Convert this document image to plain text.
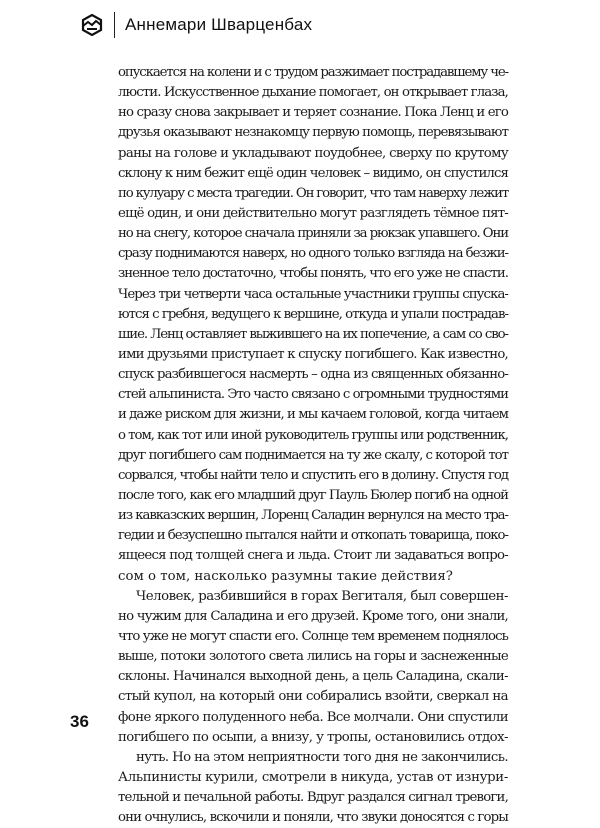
Аннемари Шварценбах
опускается на колени и с трудом разжимает пострадавшему че-
люсти. Искусственное дыхание помогает, он открывает глаза,
но сразу снова закрывает и теряет сознание. Пока Ленц и его
друзья оказывают незнакомцу первую помощь, перевязывают
раны на голове и укладывают поудобнее, сверху по крутому
склону к ним бежит ещё один человек – видимо, он спустился
по кулуару с места трагедии. Он говорит, что там наверху лежит
ещё один, и они действительно могут разглядеть тёмное пят-
но на снегу, которое сначала приняли за рюкзак упавшего. Они
сразу поднимаются наверх, но одного только взгляда на безжи-
зненное тело достаточно, чтобы понять, что его уже не спасти.
Через три четверти часа остальные участники группы спуска-
ются с гребня, ведущего к вершине, откуда и упали пострадав-
шие. Ленц оставляет выжившего на их попечение, а сам со сво-
ими друзьями приступает к спуску погибшего. Как известно,
спуск разбившегося насмерть – одна из священных обязанно-
стей альпиниста. Это часто связано с огромными трудностями
и даже риском для жизни, и мы качаем головой, когда читаем
о том, как тот или иной руководитель группы или родственник,
друг погибшего сам поднимается на ту же скалу, с которой тот
сорвался, чтобы найти тело и спустить его в долину. Спустя год
после того, как его младший друг Пауль Бюлер погиб на одной
из кавказских вершин, Лоренц Саладин вернулся на место тра-
гедии и безуспешно пытался найти и откопать товарища, поко-
ящееся под толщей снега и льда. Стоит ли задаваться вопро-
сом о том, насколько разумны такие действия?
Человек, разбившийся в горах Вегиталя, был совершен-
но чужим для Саладина и его друзей. Кроме того, они знали,
что уже не могут спасти его. Солнце тем временем поднялось
выше, потоки золотого света лились на горы и заснеженные
склоны. Начинался выходной день, а цель Саладина, скали-
стый купол, на который они собирались взойти, сверкал на
фоне яркого полуденного неба. Все молчали. Они спустили
погибшего по осыпи, а внизу, у тропы, остановились отдох-
нуть. Но на этом неприятности того дня не закончились.
Альпинисты курили, смотрели в никуда, устав от изнури-
тельной и печальной работы. Вдруг раздался сигнал тревоги,
они очнулись, вскочили и поняли, что звуки доносятся с горы
36
